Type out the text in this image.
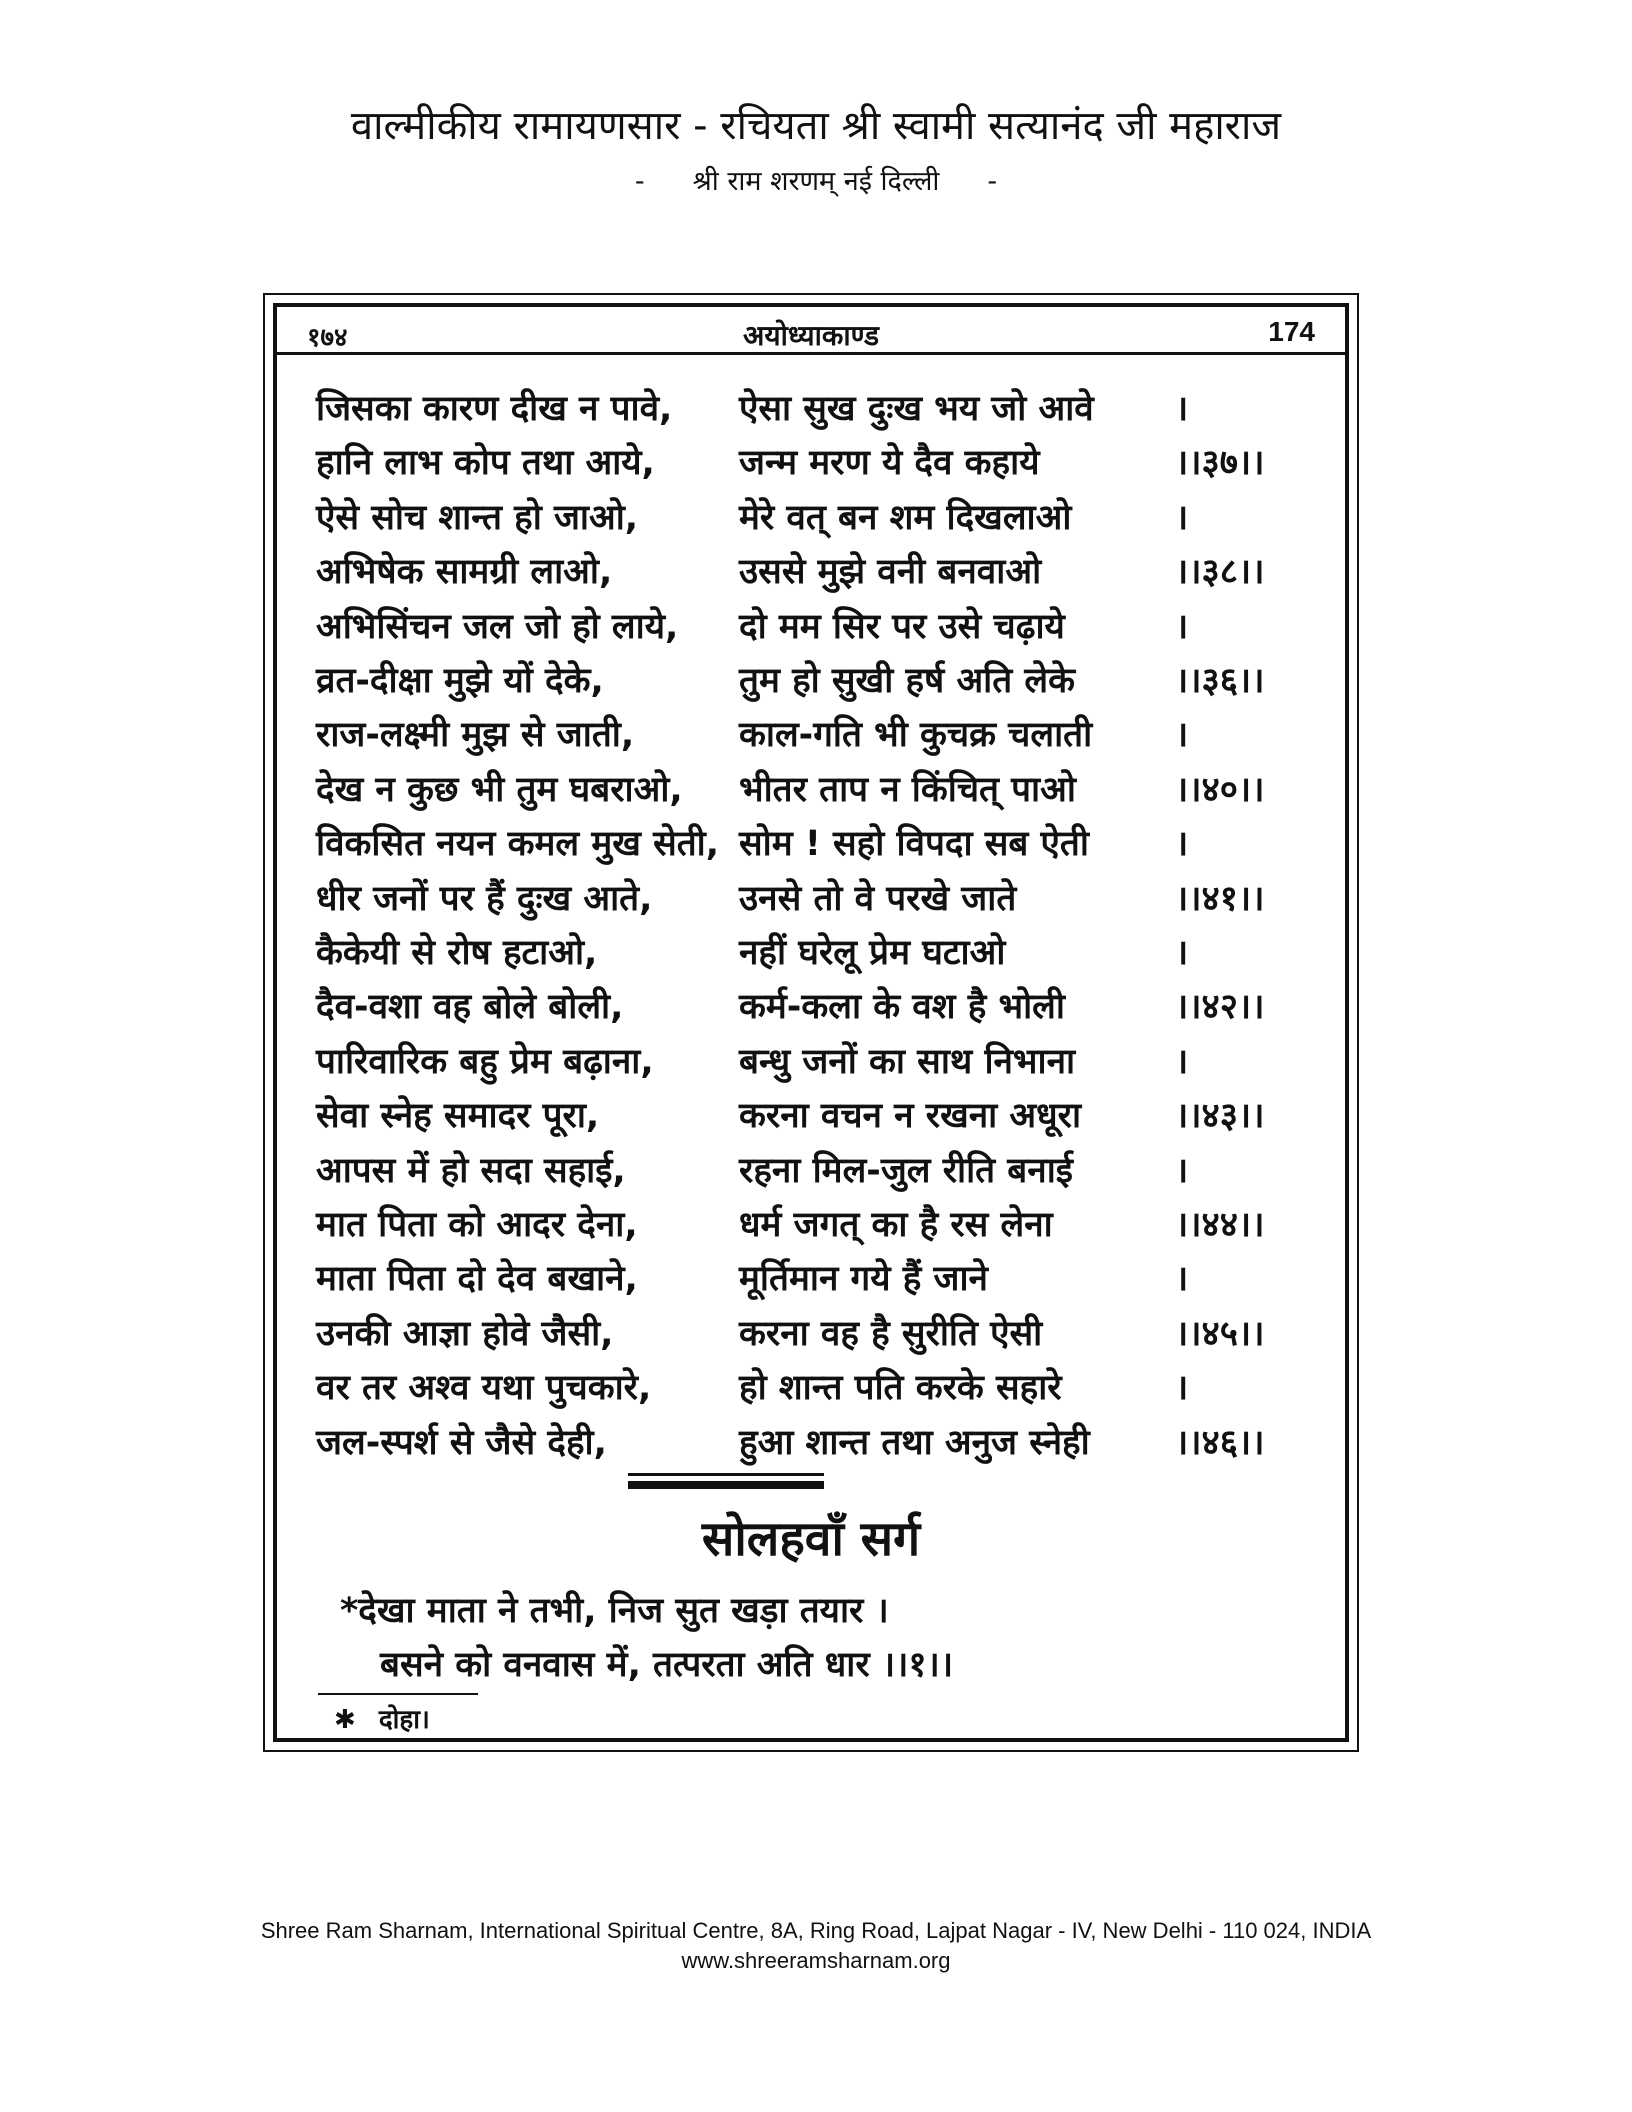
वाल्मीकीय रामायणसार - रचियता श्री स्वामी सत्यानंद जी महाराज
- श्री राम शरणम् नई दिल्ली -
१७४	अयोध्याकाण्ड	174
जिसका कारण दीख न पावे,	ऐसा सुख दुःख भय जो आवे	।
हानि लाभ कोप तथा आये,	जन्म मरण ये दैव कहाये	।।३७।।
ऐसे सोच शान्त हो जाओ,	मेरे वत् बन शम दिखलाओ	।
अभिषेक सामग्री लाओ,	उससे मुझे वनी बनवाओ	।।३८।।
अभिसिंचन जल जो हो लाये,	दो मम सिर पर उसे चढ़ाये	।
व्रत-दीक्षा मुझे यों देके,	तुम हो सुखी हर्ष अति लेके	।।३६।।
राज-लक्ष्मी मुझ से जाती,	काल-गति भी कुचक्र चलाती	।
देख न कुछ भी तुम घबराओ,	भीतर ताप न किंचित् पाओ	।।४०।।
विकसित नयन कमल मुख सेती, सोम ! सहो विपदा सब ऐती	।
धीर जनों पर हैं दुःख आते,	उनसे तो वे परखे जाते	।।४१।।
कैकेयी से रोष हटाओ,	नहीं घरेलू प्रेम घटाओ	।
दैव-वशा वह बोले बोली,	कर्म-कला के वश है भोली	।।४२।।
पारिवारिक बहु प्रेम बढ़ाना,	बन्धु जनों का साथ निभाना	।
सेवा स्नेह समादर पूरा,	करना वचन न रखना अधूरा	।।४३।।
आपस में हो सदा सहाई,	रहना मिल-जुल रीति बनाई	।
मात पिता को आदर देना,	धर्म जगत् का है रस लेना	।।४४।।
माता पिता दो देव बखाने,	मूर्तिमान गये हैं जाने	।
उनकी आज्ञा होवे जैसी,	करना वह है सुरीति ऐसी	।।४५।।
वर तर अश्व यथा पुचकारे,	हो शान्त पति करके सहारे	।
जल-स्पर्श से जैसे देही,	हुआ शान्त तथा अनुज स्नेही	।।४६।।
सोलहवाँ सर्ग
*देखा माता ने तभी, निज सुत खड़ा तयार ।
बसने को वनवास में, तत्परता अति धार ।।१।।
✱ दोहा।
Shree Ram Sharnam, International Spiritual Centre, 8A, Ring Road, Lajpat Nagar - IV, New Delhi - 110 024, INDIA
www.shreeramsharnam.org
